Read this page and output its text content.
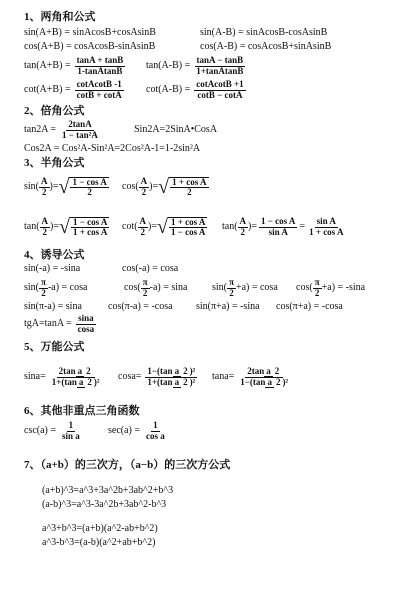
1、两角和公式
sin(A+B) = sinAcosB+cosAsinB	sin(A-B) = sinAcosB-cosAsinB
cos(A+B) = cosAcosB-sinAsinB	cos(A-B) = cosAcosB+sinAsinB
$\tan(A+B) = \frac{\tan A + \tan B}{\text{1-tanAtanB}} \tan(A-B) = \frac{\tan A - \tan B}{\text{1+tanAtanB}}$
$\cot(A+B) = \frac{\text{cotAcotB -1}}{\cot B + \cot A} \cot(A-B) = \frac{\text{cotAcotB +1}}{\cot B - \cot A}$
2、倍角公式
$\tan 2A = \frac{2\tan A}{\text{1 − tan²A}}$	Sin2A=2SinA•CosA
Cos2A = Cos²A-Sin²A=2Cos²A-1=1-2sin²A
3、半角公式
$\sin( \frac{A}{2}$ )= √ $\frac{\text{1 − cos A}}{2} \cos( \frac{A}{2}$ )= √ $\frac{\text{1 + cos A}}{2}$
$\tan( \frac{A}{2}$ )= √ $\frac{\text{1 − cos A}}{\text{1 + cos A}} \cot( \frac{A}{2}$ )= √ $\frac{\text{1 + cos A}}{\text{1 − cos A}} \tan( \frac{A}{2}$ )= $\frac{\text{1 − cos A}}{\text{sin A}} = \frac{\text{sin A}}{\text{1 + cos A}}$
4、诱导公式
sin(-a) = -sina	cos(-a) = cosa
$\sin( \frac{\pi}{2} -a) = \cos a$	$\cos( \frac{\pi}{2} -a) = \sin a$ $\sin( \frac{\pi}{2} +a) = \cos a$ $\cos( \frac{\pi}{2} +a) = -\sin a$
sin(π-a) = sina	cos(π-a) = -cosa sin(π+a) = -sina cos(π+a) = -cosa
$tgA=\tan A = \frac{\sin a}{\cos a}$
5、万能公式
$\sin a= \frac{\text{2tan a 2}}{\text{1+(tan a 2 )²}} \cos a= \frac{\text{1−(tan a 2 )²}}{\text{1+(tan a 2 )²}} \tan a= \frac{\text{2tan a 2}}{\text{1−(tan a 2 )²}}$
6、其他非重点三角函数
$\csc(a) = \frac{1}{\text{sin a}}$	$\sec(a) = \frac{1}{\text{cos a}}$
7、（a+b）的三次方，（a−b）的三次方公式
(a+b)^3=a^3+3a^2b+3ab^2+b^3
(a-b)^3=a^3-3a^2b+3ab^2-b^3
a^3+b^3=(a+b)(a^2-ab+b^2)
a^3-b^3=(a-b)(a^2+ab+b^2)
